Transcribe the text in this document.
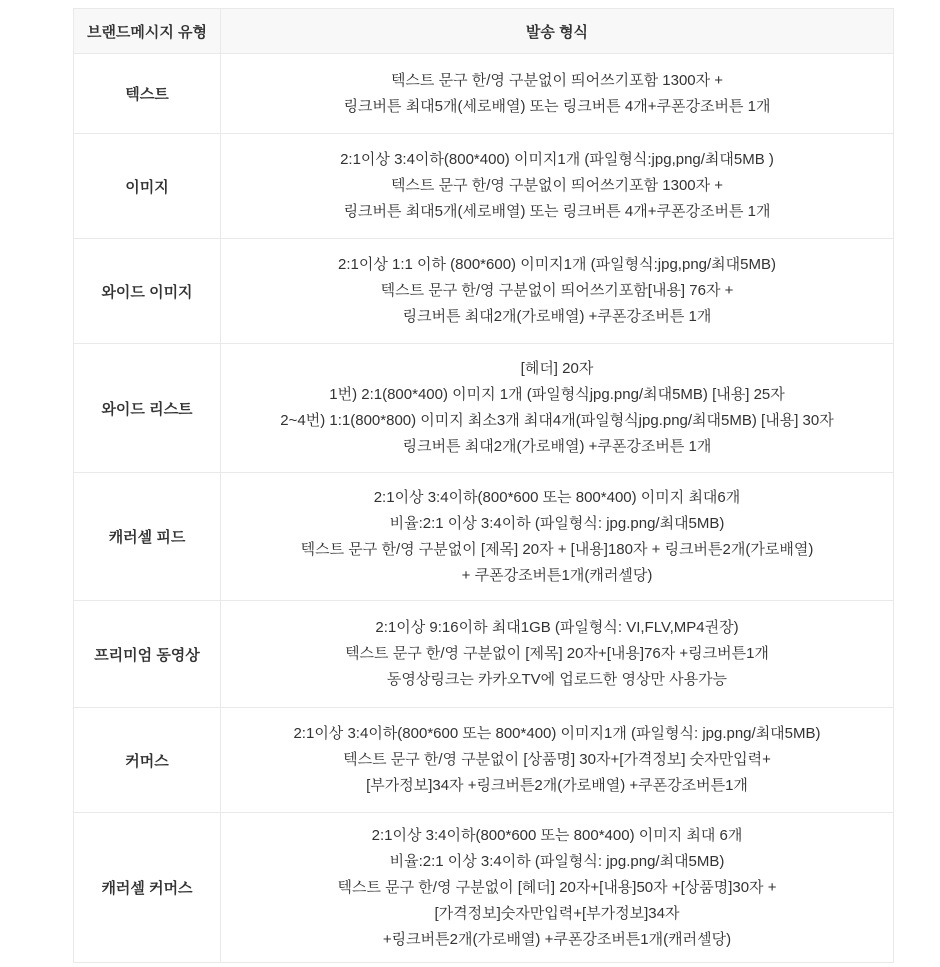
브랜드메시지 유형	발송 형식
텍스트	텍스트 문구 한/영 구분없이 띄어쓰기포함 1300자 +
링크버튼 최대5개(세로배열) 또는 링크버튼 4개+쿠폰강조버튼 1개

이미지	2:1이상 3:4이하(800*400) 이미지1개 (파일형식:jpg,png/최대5MB )
텍스트 문구 한/영 구분없이 띄어쓰기포함 1300자 +
링크버튼 최대5개(세로배열) 또는 링크버튼 4개+쿠폰강조버튼 1개

와이드 이미지	2:1이상 1:1 이하 (800*600) 이미지1개 (파일형식:jpg,png/최대5MB)
텍스트 문구 한/영 구분없이 띄어쓰기포함[내용] 76자 +
링크버튼 최대2개(가로배열) +쿠폰강조버튼 1개

와이드 리스트	[헤더] 20자
1번) 2:1(800*400) 이미지 1개 (파일형식jpg.png/최대5MB) [내용] 25자
2~4번) 1:1(800*800) 이미지 최소3개 최대4개(파일형식jpg.png/최대5MB) [내용] 30자
링크버튼 최대2개(가로배열) +쿠폰강조버튼 1개

캐러셀 피드	2:1이상 3:4이하(800*600 또는 800*400) 이미지 최대6개
비율:2:1 이상 3:4이하 (파일형식: jpg.png/최대5MB)
텍스트 문구 한/영 구분없이 [제목] 20자 + [내용]180자 + 링크버튼2개(가로배열)
+ 쿠폰강조버튼1개(캐러셀당)

프리미엄 동영상	2:1이상 9:16이하 최대1GB (파일형식: VI,FLV,MP4권장)
텍스트 문구 한/영 구분없이 [제목] 20자+[내용]76자 +링크버튼1개
동영상링크는 카카오TV에 업로드한 영상만 사용가능

커머스	2:1이상 3:4이하(800*600 또는 800*400) 이미지1개 (파일형식: jpg.png/최대5MB)
텍스트 문구 한/영 구분없이 [상품명] 30자+[가격정보] 숫자만입력+
[부가정보]34자 +링크버튼2개(가로배열) +쿠폰강조버튼1개

캐러셀 커머스	2:1이상 3:4이하(800*600 또는 800*400) 이미지 최대 6개
비율:2:1 이상 3:4이하 (파일형식: jpg.png/최대5MB)
텍스트 문구 한/영 구분없이 [헤더] 20자+[내용]50자 +[상품명]30자 +
[가격정보]숫자만입력+[부가정보]34자
+링크버튼2개(가로배열) +쿠폰강조버튼1개(캐러셀당)
